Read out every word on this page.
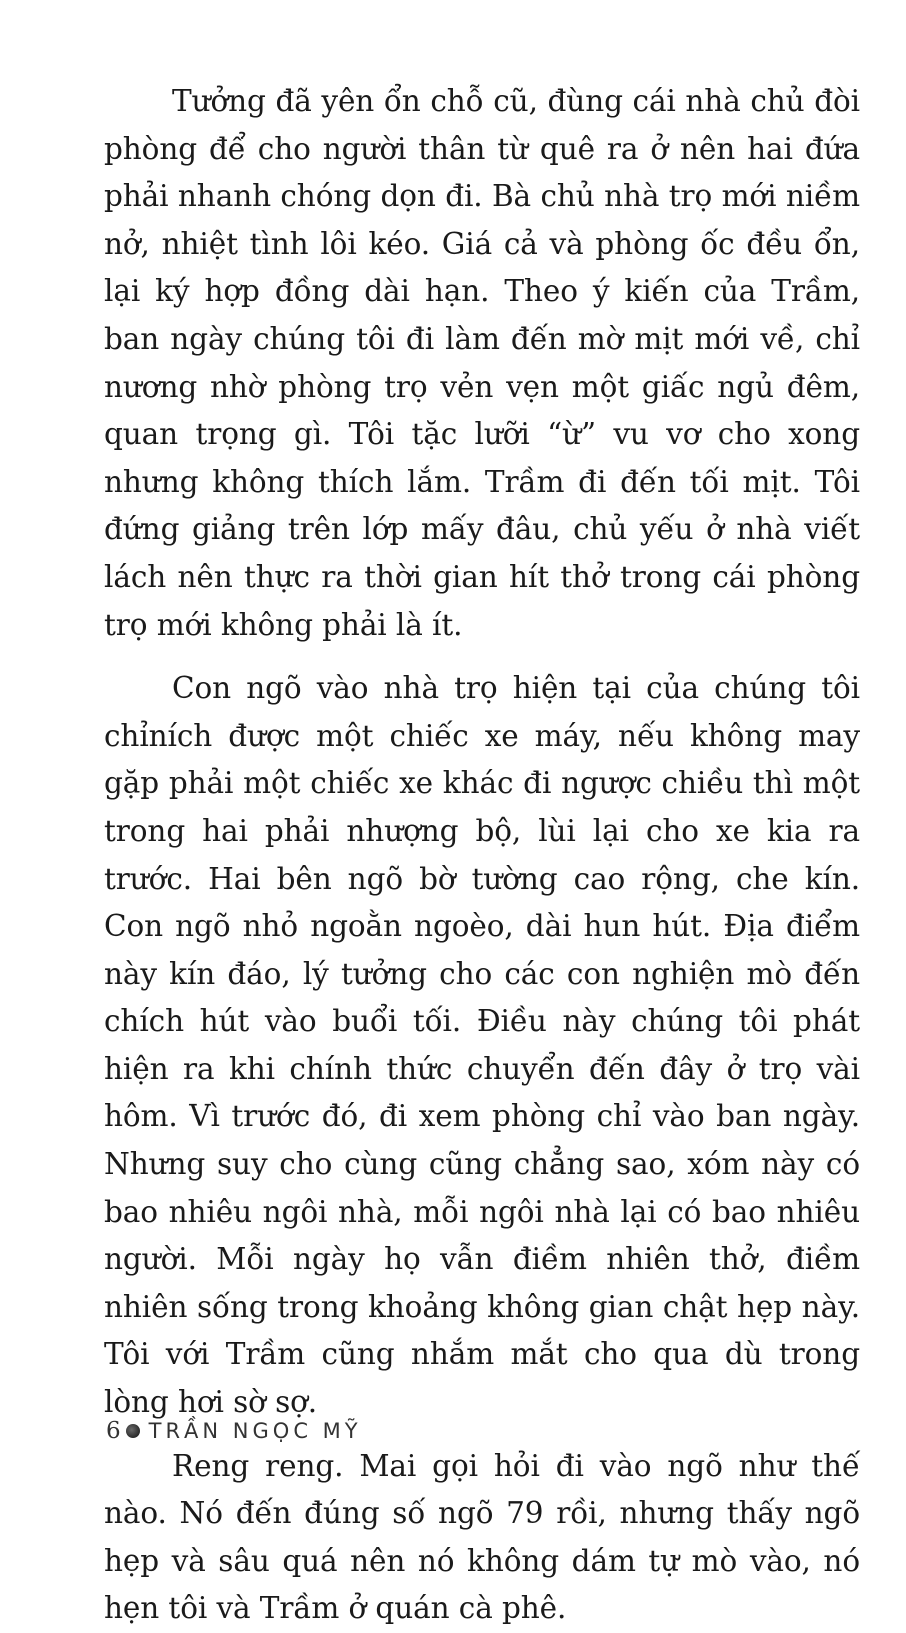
Tưởng đã yên ổn chỗ cũ, đùng cái nhà chủ đòi phòng để cho người thân từ quê ra ở nên hai đứa phải nhanh chóng dọn đi. Bà chủ nhà trọ mới niềm nở, nhiệt tình lôi kéo. Giá cả và phòng ốc đều ổn, lại ký hợp đồng dài hạn. Theo ý kiến của Trầm, ban ngày chúng tôi đi làm đến mờ mịt mới về, chỉ nương nhờ phòng trọ vẻn vẹn một giấc ngủ đêm, quan trọng gì. Tôi tặc lưỡi “ừ” vu vơ cho xong nhưng không thích lắm. Trầm đi đến tối mịt. Tôi đứng giảng trên lớp mấy đâu, chủ yếu ở nhà viết lách nên thực ra thời gian hít thở trong cái phòng trọ mới không phải là ít.

Con ngõ vào nhà trọ hiện tại của chúng tôi chỉních được một chiếc xe máy, nếu không may gặp phải một chiếc xe khác đi ngược chiều thì một trong hai phải nhượng bộ, lùi lại cho xe kia ra trước. Hai bên ngõ bờ tường cao rộng, che kín. Con ngõ nhỏ ngoằn ngoèo, dài hun hút. Địa điểm này kín đáo, lý tưởng cho các con nghiện mò đến chích hút vào buổi tối. Điều này chúng tôi phát hiện ra khi chính thức chuyển đến đây ở trọ vài hôm. Vì trước đó, đi xem phòng chỉ vào ban ngày. Nhưng suy cho cùng cũng chẳng sao, xóm này có bao nhiêu ngôi nhà, mỗi ngôi nhà lại có bao nhiêu người. Mỗi ngày họ vẫn điềm nhiên thở, điềm nhiên sống trong khoảng không gian chật hẹp này. Tôi với Trầm cũng nhắm mắt cho qua dù trong lòng hơi sờ sợ.

Reng reng. Mai gọi hỏi đi vào ngõ như thế nào. Nó đến đúng số ngõ 79 rồi, nhưng thấy ngõ hẹp và sâu quá nên nó không dám tự mò vào, nó hẹn tôi và Trầm ở quán cà phê.

6 TRẦN NGỌC MỸ
